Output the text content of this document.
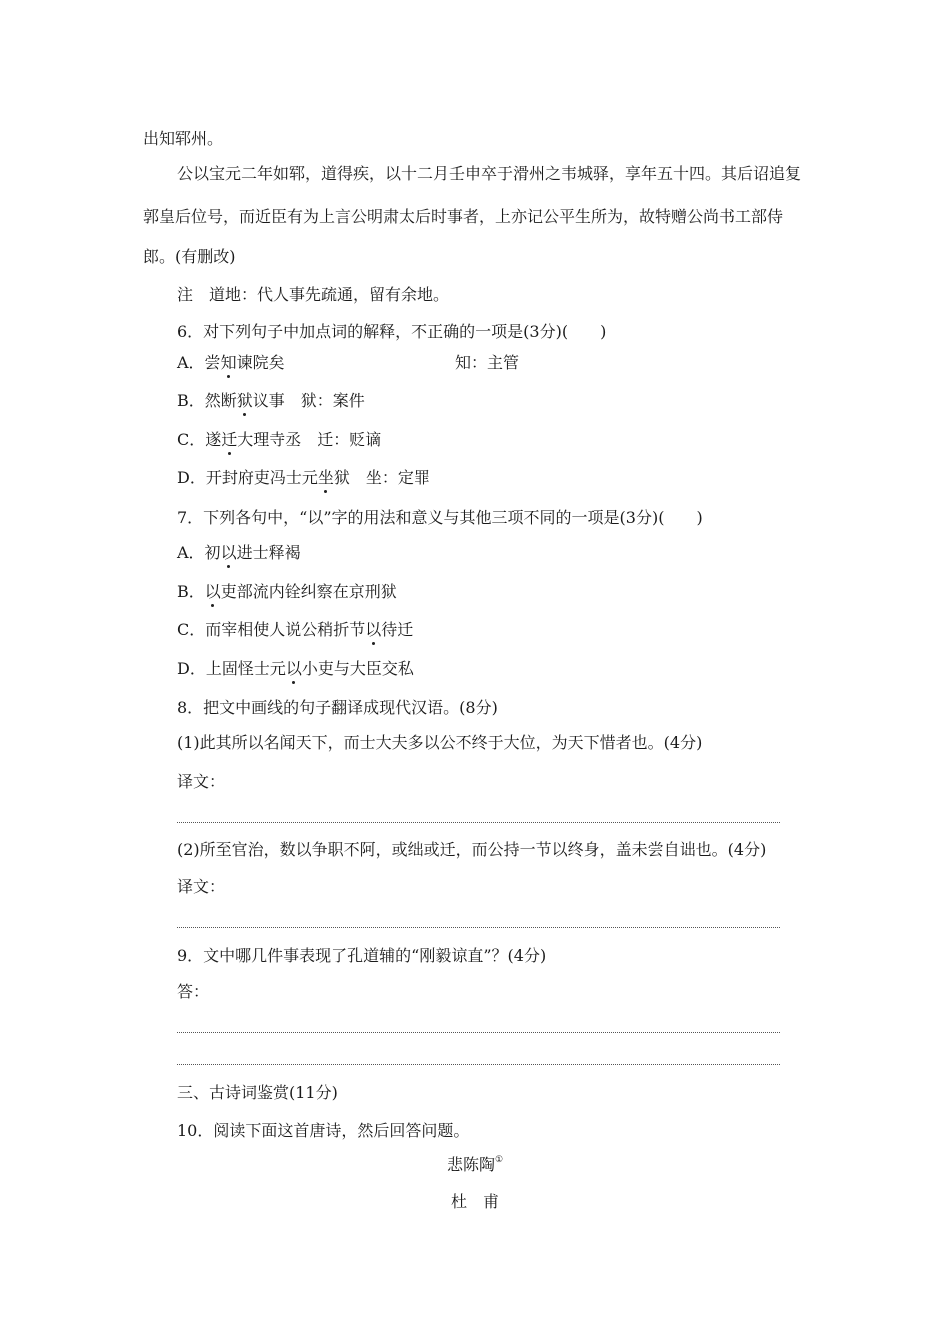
出知郓州。
公以宝元二年如郓，道得疾，以十二月壬申卒于滑州之韦城驿，享年五十四。其后诏追复
郭皇后位号，而近臣有为上言公明肃太后时事者，上亦记公平生所为，故特赠公尚书工部侍
郎。(有删改)
注　道地：代人事先疏通，留有余地。
6．对下列句子中加点词的解释，不正确的一项是(3分)(　　)
A．尝知谏院矣	知：主管
B．然断狱议事　狱：案件
C．遂迁大理寺丞　迁：贬谪
D．开封府吏冯士元坐狱　坐：定罪
7．下列各句中，“以”字的用法和意义与其他三项不同的一项是(3分)(　　)
A．初以进士释褐
B．以吏部流内铨纠察在京刑狱
C．而宰相使人说公稍折节以待迁
D．上固怪士元以小吏与大臣交私
8．把文中画线的句子翻译成现代汉语。(8分)
(1)此其所以名闻天下，而士大夫多以公不终于大位，为天下惜者也。(4分)
译文：
(2)所至官治，数以争职不阿，或绌或迁，而公持一节以终身，盖未尝自诎也。(4分)
译文：
9．文中哪几件事表现了孔道辅的“刚毅谅直”？(4分)
答：
三、古诗词鉴赏(11分)
10．阅读下面这首唐诗，然后回答问题。
悲陈陶①
杜　甫
